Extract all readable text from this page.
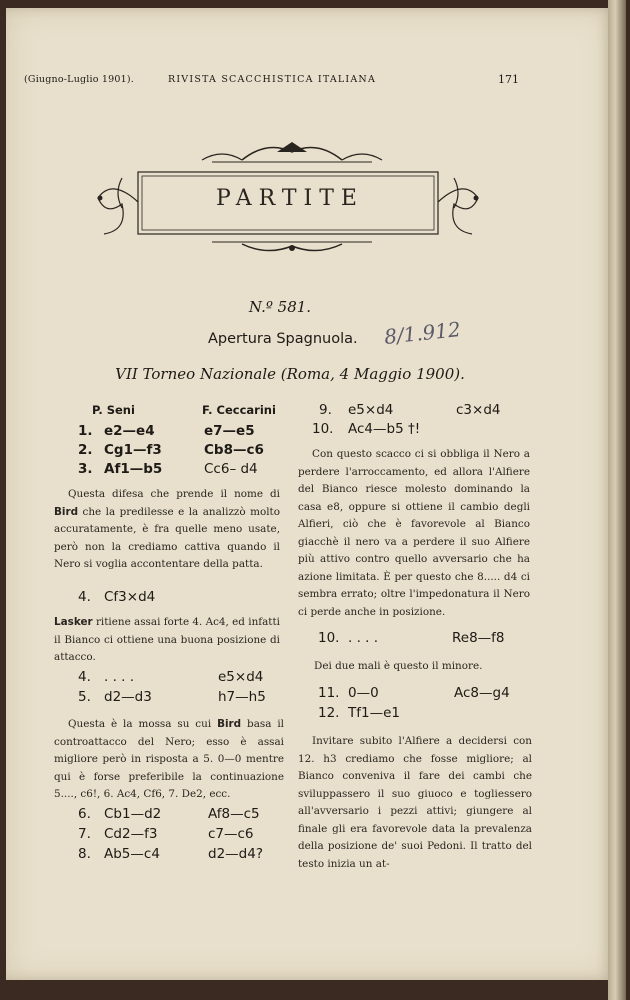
(Giugno-Luglio 1901).	RIVISTA SCACCHISTICA ITALIANA	171
PARTITE
N.º 581.
Apertura Spagnuola. 8/1.912
VII Torneo Nazionale (Roma, 4 Maggio 1900).
P. Seni	F. Ceccarini
1. e2—e4	e7—e5
2. Cg1—f3	Cb8—c6
3. Af1—b5	Cc6– d4
Questa difesa che prende il nome di Bird che la predilesse e la analizzò molto accuratamente, è fra quelle meno usate, però non la crediamo cattiva quando il Nero si voglia accontentare della patta.
4. Cf3×d4
Lasker ritiene assai forte 4. Ac4, ed infatti il Bianco ci ottiene una buona posizione di attacco.
4. . . . .	e5×d4
5. d2—d3	h7—h5
Questa è la mossa su cui Bird basa il controattacco del Nero; esso è assai migliore però in risposta a 5. 0—0 mentre qui è forse preferibile la continuazione 5...., c6!, 6. Ac4, Cf6, 7. De2, ecc.
6. Cb1—d2	Af8—c5
7. Cd2—f3	c7—c6
8. Ab5—c4	d2—d4?
9. e5×d4	c3×d4
10. Ac4—b5 †!
Con questo scacco ci si obbliga il Nero a perdere l'arroccamento, ed allora l'Alfiere del Bianco riesce molesto dominando la casa e8, oppure si ottiene il cambio degli Alfieri, ciò che è favorevole al Bianco giacchè il nero va a perdere il suo Alfiere più attivo contro quello avversario che ha azione limitata. È per questo che 8..... d4 ci sembra errato; oltre l'impedonatura il Nero ci perde anche in posizione.
10. . . . .	Re8—f8
Dei due mali è questo il minore.
11. 0—0	Ac8—g4
12. Tf1—e1
Invitare subito l'Alfiere a decidersi con 12. h3 crediamo che fosse migliore; al Bianco conveniva il fare dei cambi che sviluppassero il suo giuoco e togliessero all'avversario i pezzi attivi; giungere al finale gli era favorevole data la prevalenza della posizione de' suoi Pedoni. Il tratto del testo inizia un at-
